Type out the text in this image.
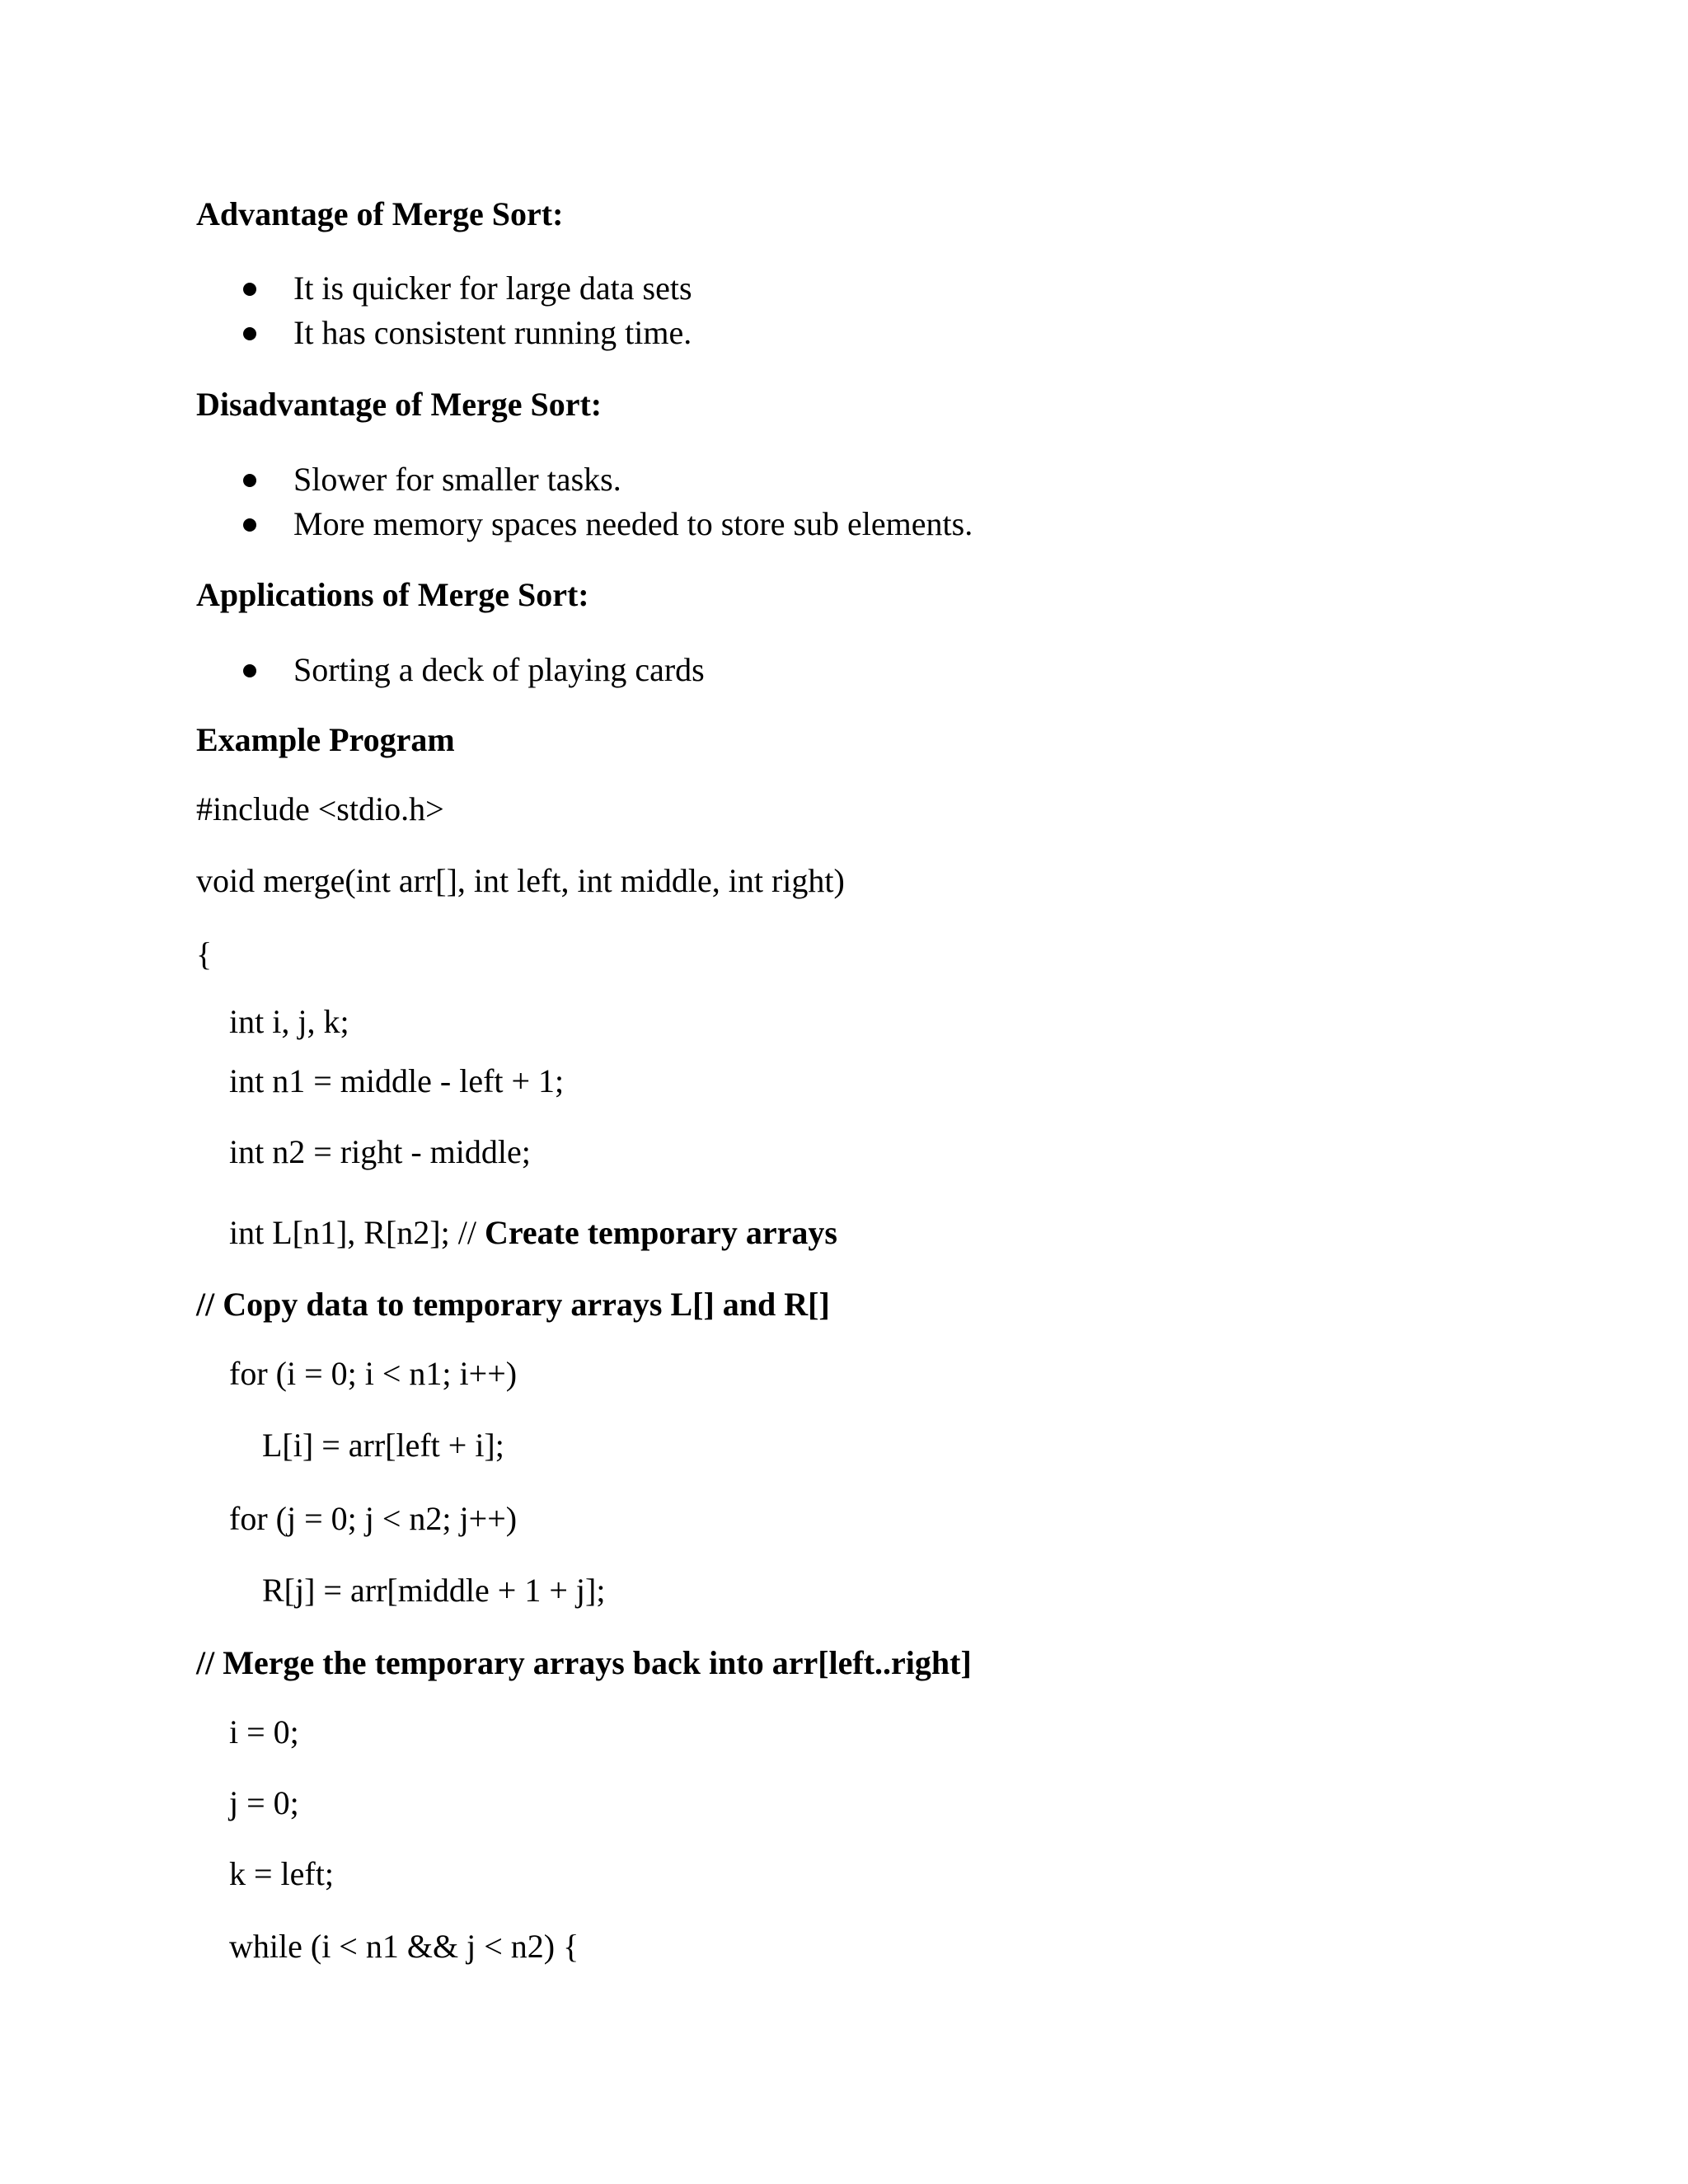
Advantage of Merge Sort:
It is quicker for large data sets
It has consistent running time.
Disadvantage of Merge Sort:
Slower for smaller tasks.
More memory spaces needed to store sub elements.
Applications of Merge Sort:
Sorting a deck of playing cards
Example Program
#include <stdio.h>
void merge(int arr[], int left, int middle, int right)
{
int i, j, k;
int n1 = middle - left + 1;
int n2 = right - middle;
int L[n1], R[n2]; // Create temporary arrays
// Copy data to temporary arrays L[] and R[]
for (i = 0; i < n1; i++)
L[i] = arr[left + i];
for (j = 0; j < n2; j++)
R[j] = arr[middle + 1 + j];
// Merge the temporary arrays back into arr[left..right]
i = 0;
j = 0;
k = left;
while (i < n1 && j < n2) {
